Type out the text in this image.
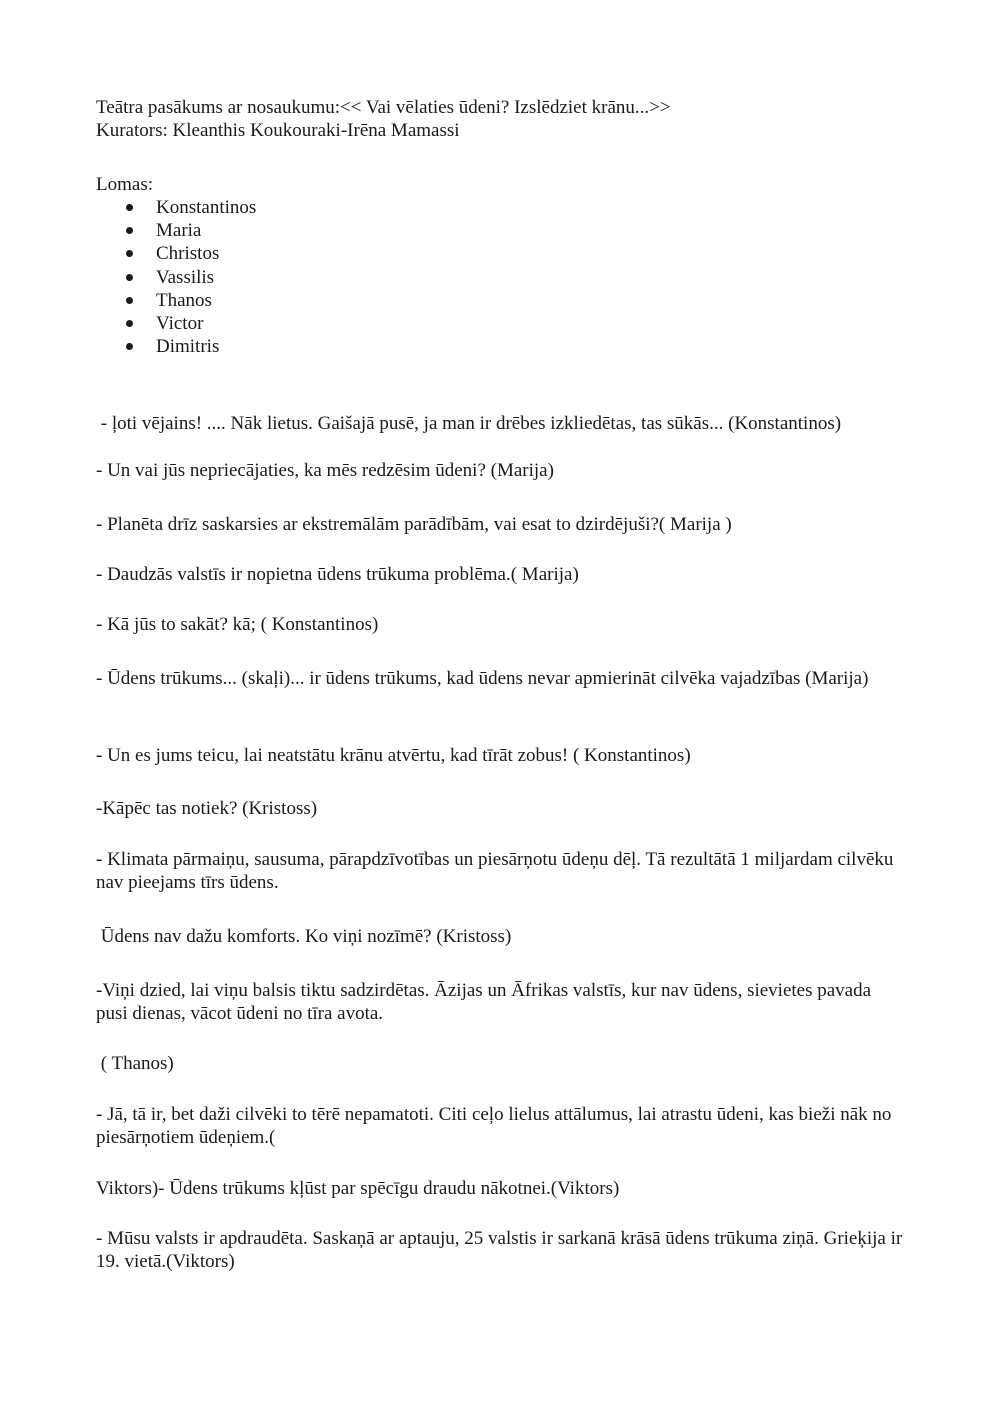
Teātra pasākums ar nosaukumu:<< Vai vēlaties ūdeni? Izslēdziet krānu...>>

Kurators: Kleanthis Koukouraki-Irēna Mamassi

Lomas:

Konstantinos
Maria
Christos
Vassilis
Thanos
Victor
Dimitris

- ļoti vējains! .... Nāk lietus. Gaišajā pusē, ja man ir drēbes izkliedētas, tas sūkās... (Konstantinos)

- Un vai jūs nepriecājaties, ka mēs redzēsim ūdeni? (Marija)

- Planēta drīz saskarsies ar ekstremālām parādībām, vai esat to dzirdējuši?( Marija )

- Daudzās valstīs ir nopietna ūdens trūkuma problēma.( Marija)

- Kā jūs to sakāt? kā; ( Konstantinos)

- Ūdens trūkums... (skaļi)... ir ūdens trūkums, kad ūdens nevar apmierināt cilvēka vajadzības (Marija)

- Un es jums teicu, lai neatstātu krānu atvērtu, kad tīrāt zobus! ( Konstantinos)

-Kāpēc tas notiek? (Kristoss)

- Klimata pārmaiņu, sausuma, pārapdzīvotības un piesārņotu ūdeņu dēļ. Tā rezultātā 1 miljardam cilvēku nav pieejams tīrs ūdens.

Ūdens nav dažu komforts. Ko viņi nozīmē? (Kristoss)

-Viņi dzied, lai viņu balsis tiktu sadzirdētas. Āzijas un Āfrikas valstīs, kur nav ūdens, sievietes pavada pusi dienas, vācot ūdeni no tīra avota.

( Thanos)

- Jā, tā ir, bet daži cilvēki to tērē nepamatoti. Citi ceļo lielus attālumus, lai atrastu ūdeni, kas bieži nāk no piesārņotiem ūdeņiem.(

Viktors)- Ūdens trūkums kļūst par spēcīgu draudu nākotnei.(Viktors)

- Mūsu valsts ir apdraudēta. Saskaņā ar aptauju, 25 valstis ir sarkanā krāsā ūdens trūkuma ziņā. Grieķija ir 19. vietā.(Viktors)
